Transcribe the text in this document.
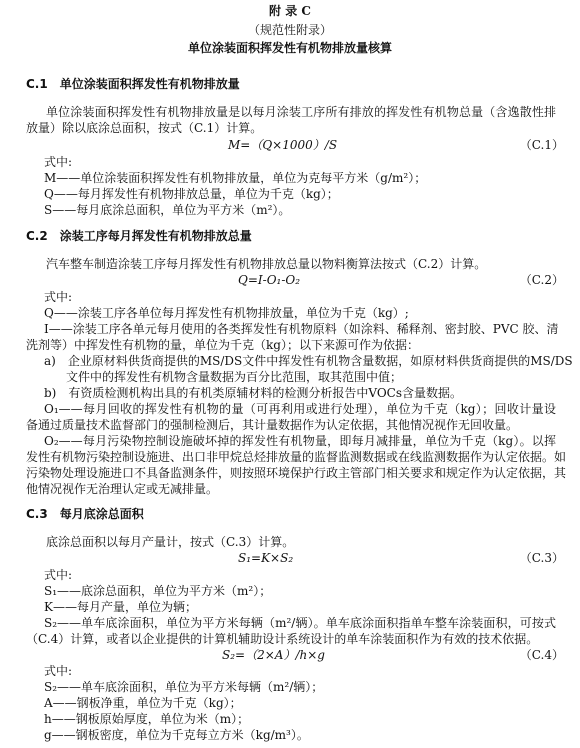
附 录 C
（规范性附录）
单位涂装面积挥发性有机物排放量核算
C.1　单位涂装面积挥发性有机物排放量
单位涂装面积挥发性有机物排放量是以每月涂装工序所有排放的挥发性有机物总量（含逸散性排
放量）除以底涂总面积，按式（C.1）计算。
M=（Q×1000）/S	（C.1）
式中:
M——单位涂装面积挥发性有机物排放量，单位为克每平方米（g/m²）；
Q——每月挥发性有机物排放总量，单位为千克（kg）；
S——每月底涂总面积，单位为平方米（m²）。
C.2　涂装工序每月挥发性有机物排放总量
汽车整车制造涂装工序每月挥发性有机物排放总量以物料衡算法按式（C.2）计算。
Q=I-O₁-O₂	（C.2）
式中:
Q——涂装工序各单位每月挥发性有机物排放量，单位为千克（kg）;
I——涂装工序各单元每月使用的各类挥发性有机物原料（如涂料、稀释剂、密封胶、PVC 胶、清
洗剂等）中挥发性有机物的量，单位为千克（kg）；以下来源可作为依据：
a)　企业原材料供货商提供的MS/DS文件中挥发性有机物含量数据，如原材料供货商提供的MS/DS
文件中的挥发性有机物含量数据为百分比范围，取其范围中值；
b)　有资质检测机构出具的有机类原辅材料的检测分析报告中VOCs含量数据。
O₁——每月回收的挥发性有机物的量（可再利用或进行处理），单位为千克（kg）；回收计量设
备通过质量技术监督部门的强制检测后，其计量数据作为认定依据，其他情况视作无回收量。
O₂——每月污染物控制设施破坏掉的挥发性有机物量，即每月减排量，单位为千克（kg）。以挥
发性有机物污染控制设施进、出口非甲烷总烃排放量的监督监测数据或在线监测数据作为认定依据。如
污染物处理设施进口不具备监测条件，则按照环境保护行政主管部门相关要求和规定作为认定依据，其
他情况视作无治理认定或无减排量。
C.3　每月底涂总面积
底涂总面积以每月产量计，按式（C.3）计算。
S₁=K×S₂	（C.3）
式中:
S₁——底涂总面积，单位为平方米（m²）；
K——每月产量，单位为辆；
S₂——单车底涂面积，单位为平方米每辆（m²/辆）。单车底涂面积指单车整车涂装面积，可按式
（C.4）计算，或者以企业提供的计算机辅助设计系统设计的单车涂装面积作为有效的技术依据。
S₂=（2×A）/h×g	（C.4）
式中:
S₂——单车底涂面积，单位为平方米每辆（m²/辆）；
A——钢板净重，单位为千克（kg）；
h——钢板原始厚度，单位为米（m）；
g——钢板密度，单位为千克每立方米（kg/m³）。
